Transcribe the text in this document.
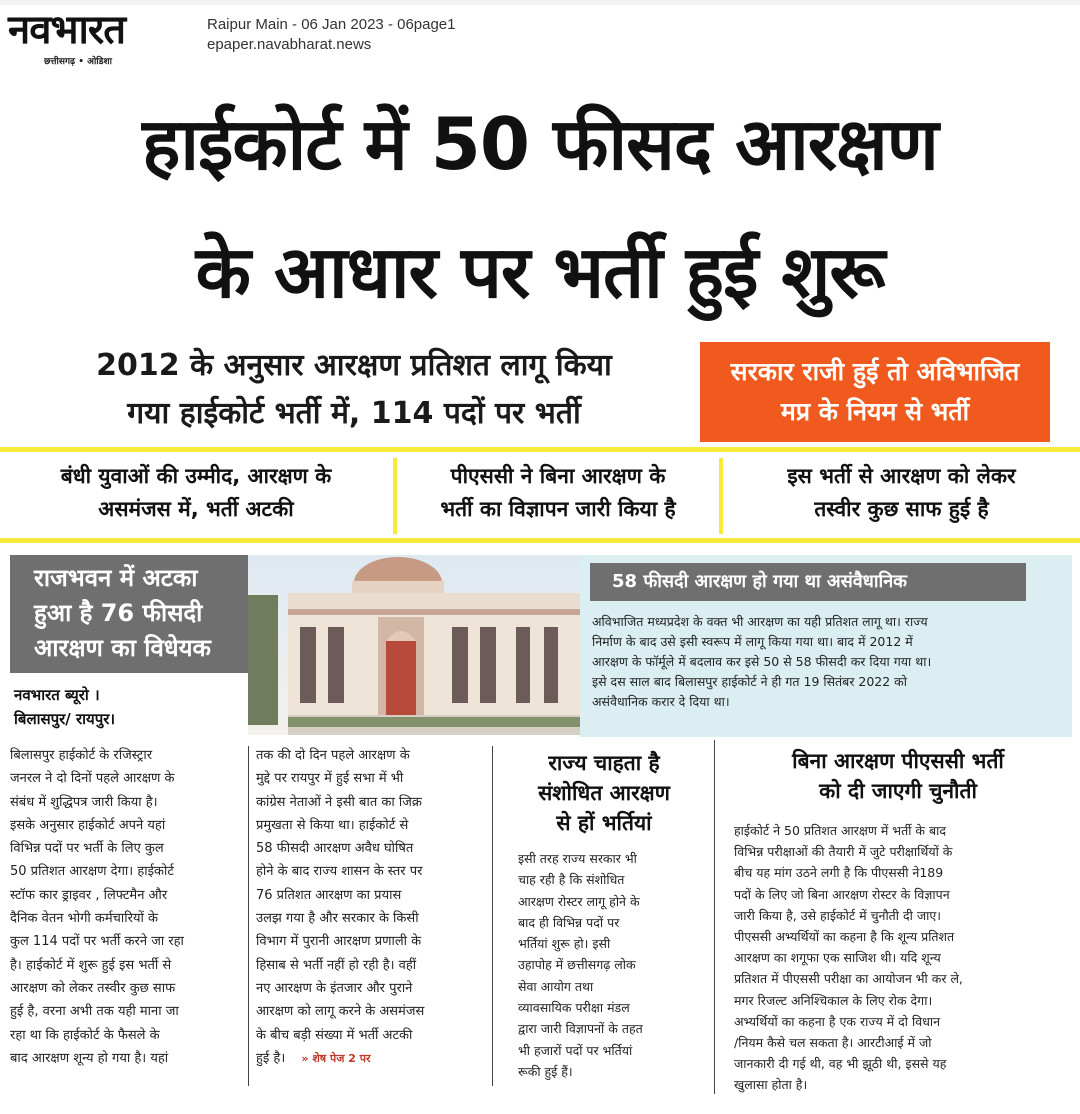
नवभारत
छत्तीसगढ़ • ओडिशा
Raipur Main - 06 Jan 2023 - 06page1
epaper.navabharat.news
हाईकोर्ट में 50 फीसद आरक्षण
के आधार पर भर्ती हुई शुरू
2012 के अनुसार आरक्षण प्रतिशत लागू किया
गया हाईकोर्ट भर्ती में, 114 पदों पर भर्ती
सरकार राजी हुई तो अविभाजित
मप्र के नियम से भर्ती
बंधी युवाओं की उम्मीद, आरक्षण के
असमंजस में, भर्ती अटकी
पीएससी ने बिना आरक्षण के
भर्ती का विज्ञापन जारी किया है
इस भर्ती से आरक्षण को लेकर
तस्वीर कुछ साफ हुई है
राजभवन में अटका
हुआ है 76 फीसदी
आरक्षण का विधेयक
नवभारत ब्यूरो ।
बिलासपुर/ रायपुर।
58 फीसदी आरक्षण हो गया था असंवैधानिक
अविभाजित मध्यप्रदेश के वक्त भी आरक्षण का यही प्रतिशत लागू था। राज्य
निर्माण के बाद उसे इसी स्वरूप में लागू किया गया था। बाद में 2012 में
आरक्षण के फॉर्मूले में बदलाव कर इसे 50 से 58 फीसदी कर दिया गया था।
इसे दस साल बाद बिलासपुर हाईकोर्ट ने ही गत 19 सितंबर 2022 को
असंवैधानिक करार दे दिया था।
बिलासपुर हाईकोर्ट के रजिस्ट्रार
जनरल ने दो दिनों पहले आरक्षण के
संबंध में शुद्धिपत्र जारी किया है।
इसके अनुसार हाईकोर्ट अपने यहां
विभिन्न पदों पर भर्ती के लिए कुल
50 प्रतिशत आरक्षण देगा। हाईकोर्ट
स्टॉफ कार ड्राइवर , लिफ्टमैन और
दैनिक वेतन भोगी कर्मचारियों के
कुल 114 पदों पर भर्ती करने जा रहा
है। हाईकोर्ट में शुरू हुई इस भर्ती से
आरक्षण को लेकर तस्वीर कुछ साफ
हुई है, वरना अभी तक यही माना जा
रहा था कि हाईकोर्ट के फैसले के
बाद आरक्षण शून्य हो गया है। यहां
तक की दो दिन पहले आरक्षण के
मुद्दे पर रायपुर में हुई सभा में भी
कांग्रेस नेताओं ने इसी बात का जिक्र
प्रमुखता से किया था। हाईकोर्ट से
58 फीसदी आरक्षण अवैध घोषित
होने के बाद राज्य शासन के स्तर पर
76 प्रतिशत आरक्षण का प्रयास
उलझ गया है और सरकार के किसी
विभाग में पुरानी आरक्षण प्रणाली के
हिसाब से भर्ती नहीं हो रही है। वहीं
नए आरक्षण के इंतजार और पुराने
आरक्षण को लागू करने के असमंजस
के बीच बड़ी संख्या में भर्ती अटकी
हुई है। » शेष पेज 2 पर
राज्य चाहता है
संशोधित आरक्षण
से हों भर्तियां
इसी तरह राज्य सरकार भी
चाह रही है कि संशोधित
आरक्षण रोस्टर लागू होने के
बाद ही विभिन्न पदों पर
भर्तियां शुरू हो। इसी
उहापोह में छत्तीसगढ़ लोक
सेवा आयोग तथा
व्यावसायिक परीक्षा मंडल
द्वारा जारी विज्ञापनों के तहत
भी हजारों पदों पर भर्तियां
रूकी हुई हैं।
बिना आरक्षण पीएससी भर्ती
को दी जाएगी चुनौती
हाईकोर्ट ने 50 प्रतिशत आरक्षण में भर्ती के बाद
विभिन्न परीक्षाओं की तैयारी में जुटे परीक्षार्थियों के
बीच यह मांग उठने लगी है कि पीएससी ने189
पदों के लिए जो बिना आरक्षण रोस्टर के विज्ञापन
जारी किया है, उसे हाईकोर्ट में चुनौती दी जाए।
पीएससी अभ्यर्थियों का कहना है कि शून्य प्रतिशत
आरक्षण का शगूफा एक साजिश थी। यदि शून्य
प्रतिशत में पीएससी परीक्षा का आयोजन भी कर ले,
मगर रिजल्ट अनिश्चिकाल के लिए रोक देगा।
अभ्यर्थियों का कहना है एक राज्य में दो विधान
/नियम कैसे चल सकता है। आरटीआई में जो
जानकारी दी गई थी, वह भी झूठी थी, इससे यह
खुलासा होता है।
